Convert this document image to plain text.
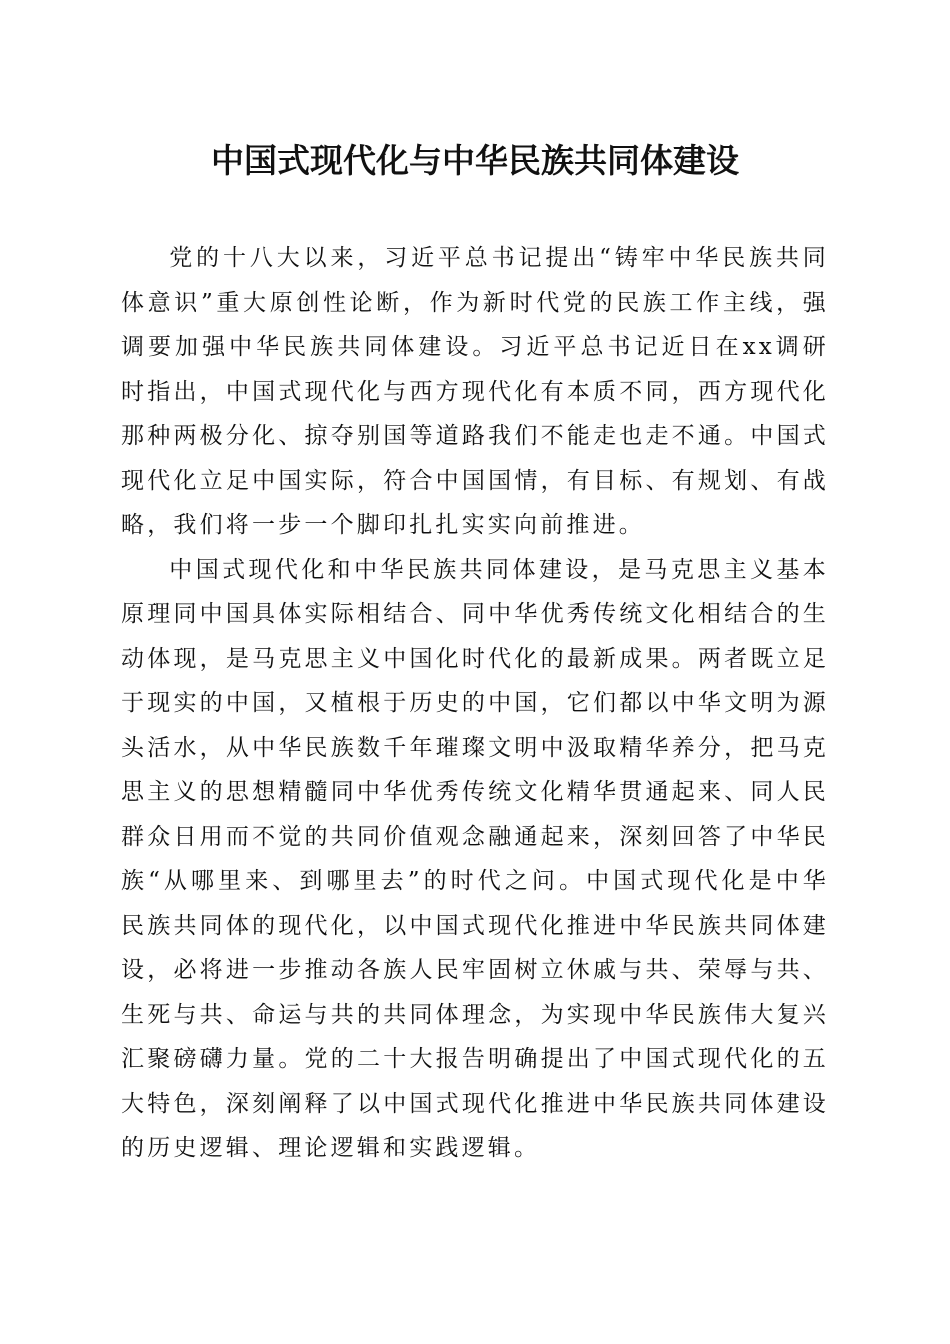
中国式现代化与中华民族共同体建设

党的十八大以来，习近平总书记提出“铸牢中华民族共同体意识”重大原创性论断，作为新时代党的民族工作主线，强调要加强中华民族共同体建设。习近平总书记近日在xx调研时指出，中国式现代化与西方现代化有本质不同，西方现代化那种两极分化、掠夺别国等道路我们不能走也走不通。中国式现代化立足中国实际，符合中国国情，有目标、有规划、有战略，我们将一步一个脚印扎扎实实向前推进。

中国式现代化和中华民族共同体建设，是马克思主义基本原理同中国具体实际相结合、同中华优秀传统文化相结合的生动体现，是马克思主义中国化时代化的最新成果。两者既立足于现实的中国，又植根于历史的中国，它们都以中华文明为源头活水，从中华民族数千年璀璨文明中汲取精华养分，把马克思主义的思想精髓同中华优秀传统文化精华贯通起来、同人民群众日用而不觉的共同价值观念融通起来，深刻回答了中华民族“从哪里来、到哪里去”的时代之问。中国式现代化是中华民族共同体的现代化，以中国式现代化推进中华民族共同体建设，必将进一步推动各族人民牢固树立休戚与共、荣辱与共、生死与共、命运与共的共同体理念，为实现中华民族伟大复兴汇聚磅礴力量。党的二十大报告明确提出了中国式现代化的五大特色，深刻阐释了以中国式现代化推进中华民族共同体建设的历史逻辑、理论逻辑和实践逻辑。
